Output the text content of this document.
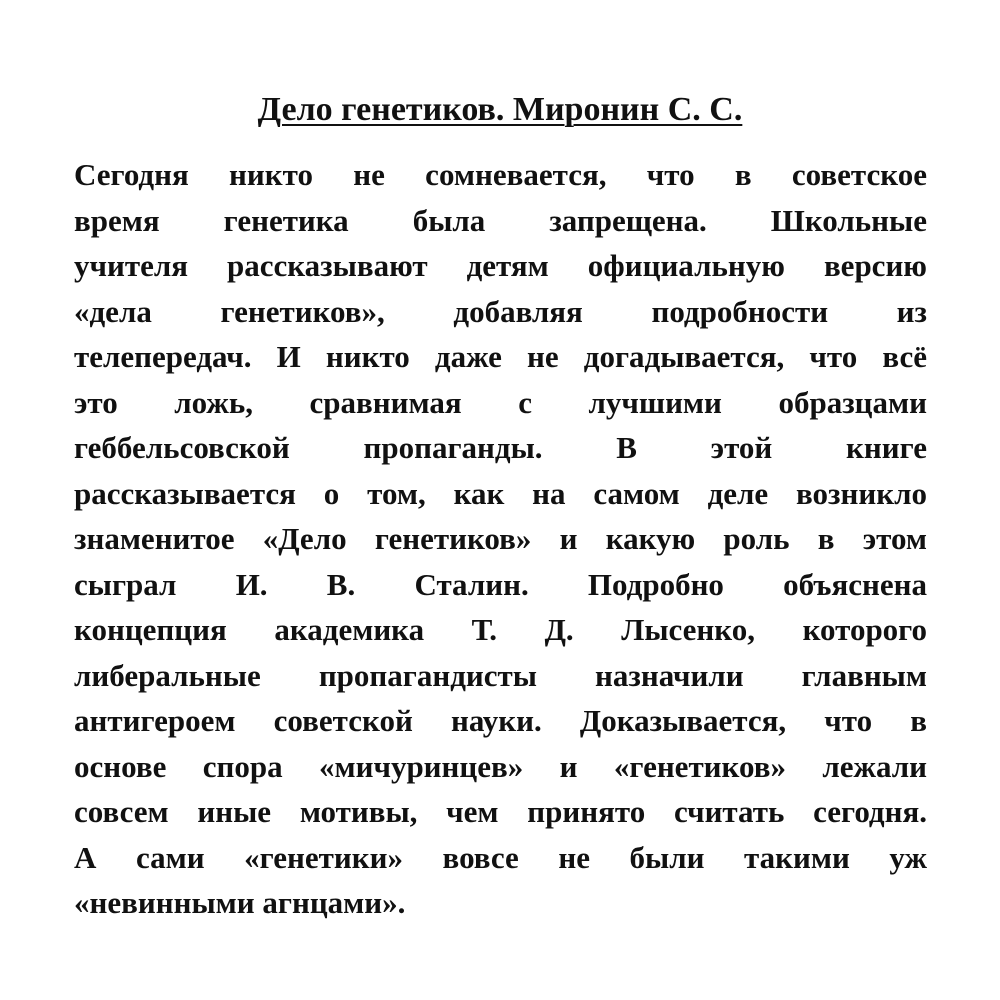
Дело генетиков. Миронин С. С.
Сегодня никто не сомневается, что в советское
время генетика была запрещена. Школьные
учителя рассказывают детям официальную версию
«дела генетиков», добавляя подробности из
телепередач. И никто даже не догадывается, что всё
это ложь, сравнимая с лучшими образцами
геббельсовской пропаганды. В этой книге
рассказывается о том, как на самом деле возникло
знаменитое «Дело генетиков» и какую роль в этом
сыграл И. В. Сталин. Подробно объяснена
концепция академика Т. Д. Лысенко, которого
либеральные пропагандисты назначили главным
антигероем советской науки. Доказывается, что в
основе спора «мичуринцев» и «генетиков» лежали
совсем иные мотивы, чем принято считать сегодня.
А сами «генетики» вовсе не были такими уж
«невинными агнцами».
